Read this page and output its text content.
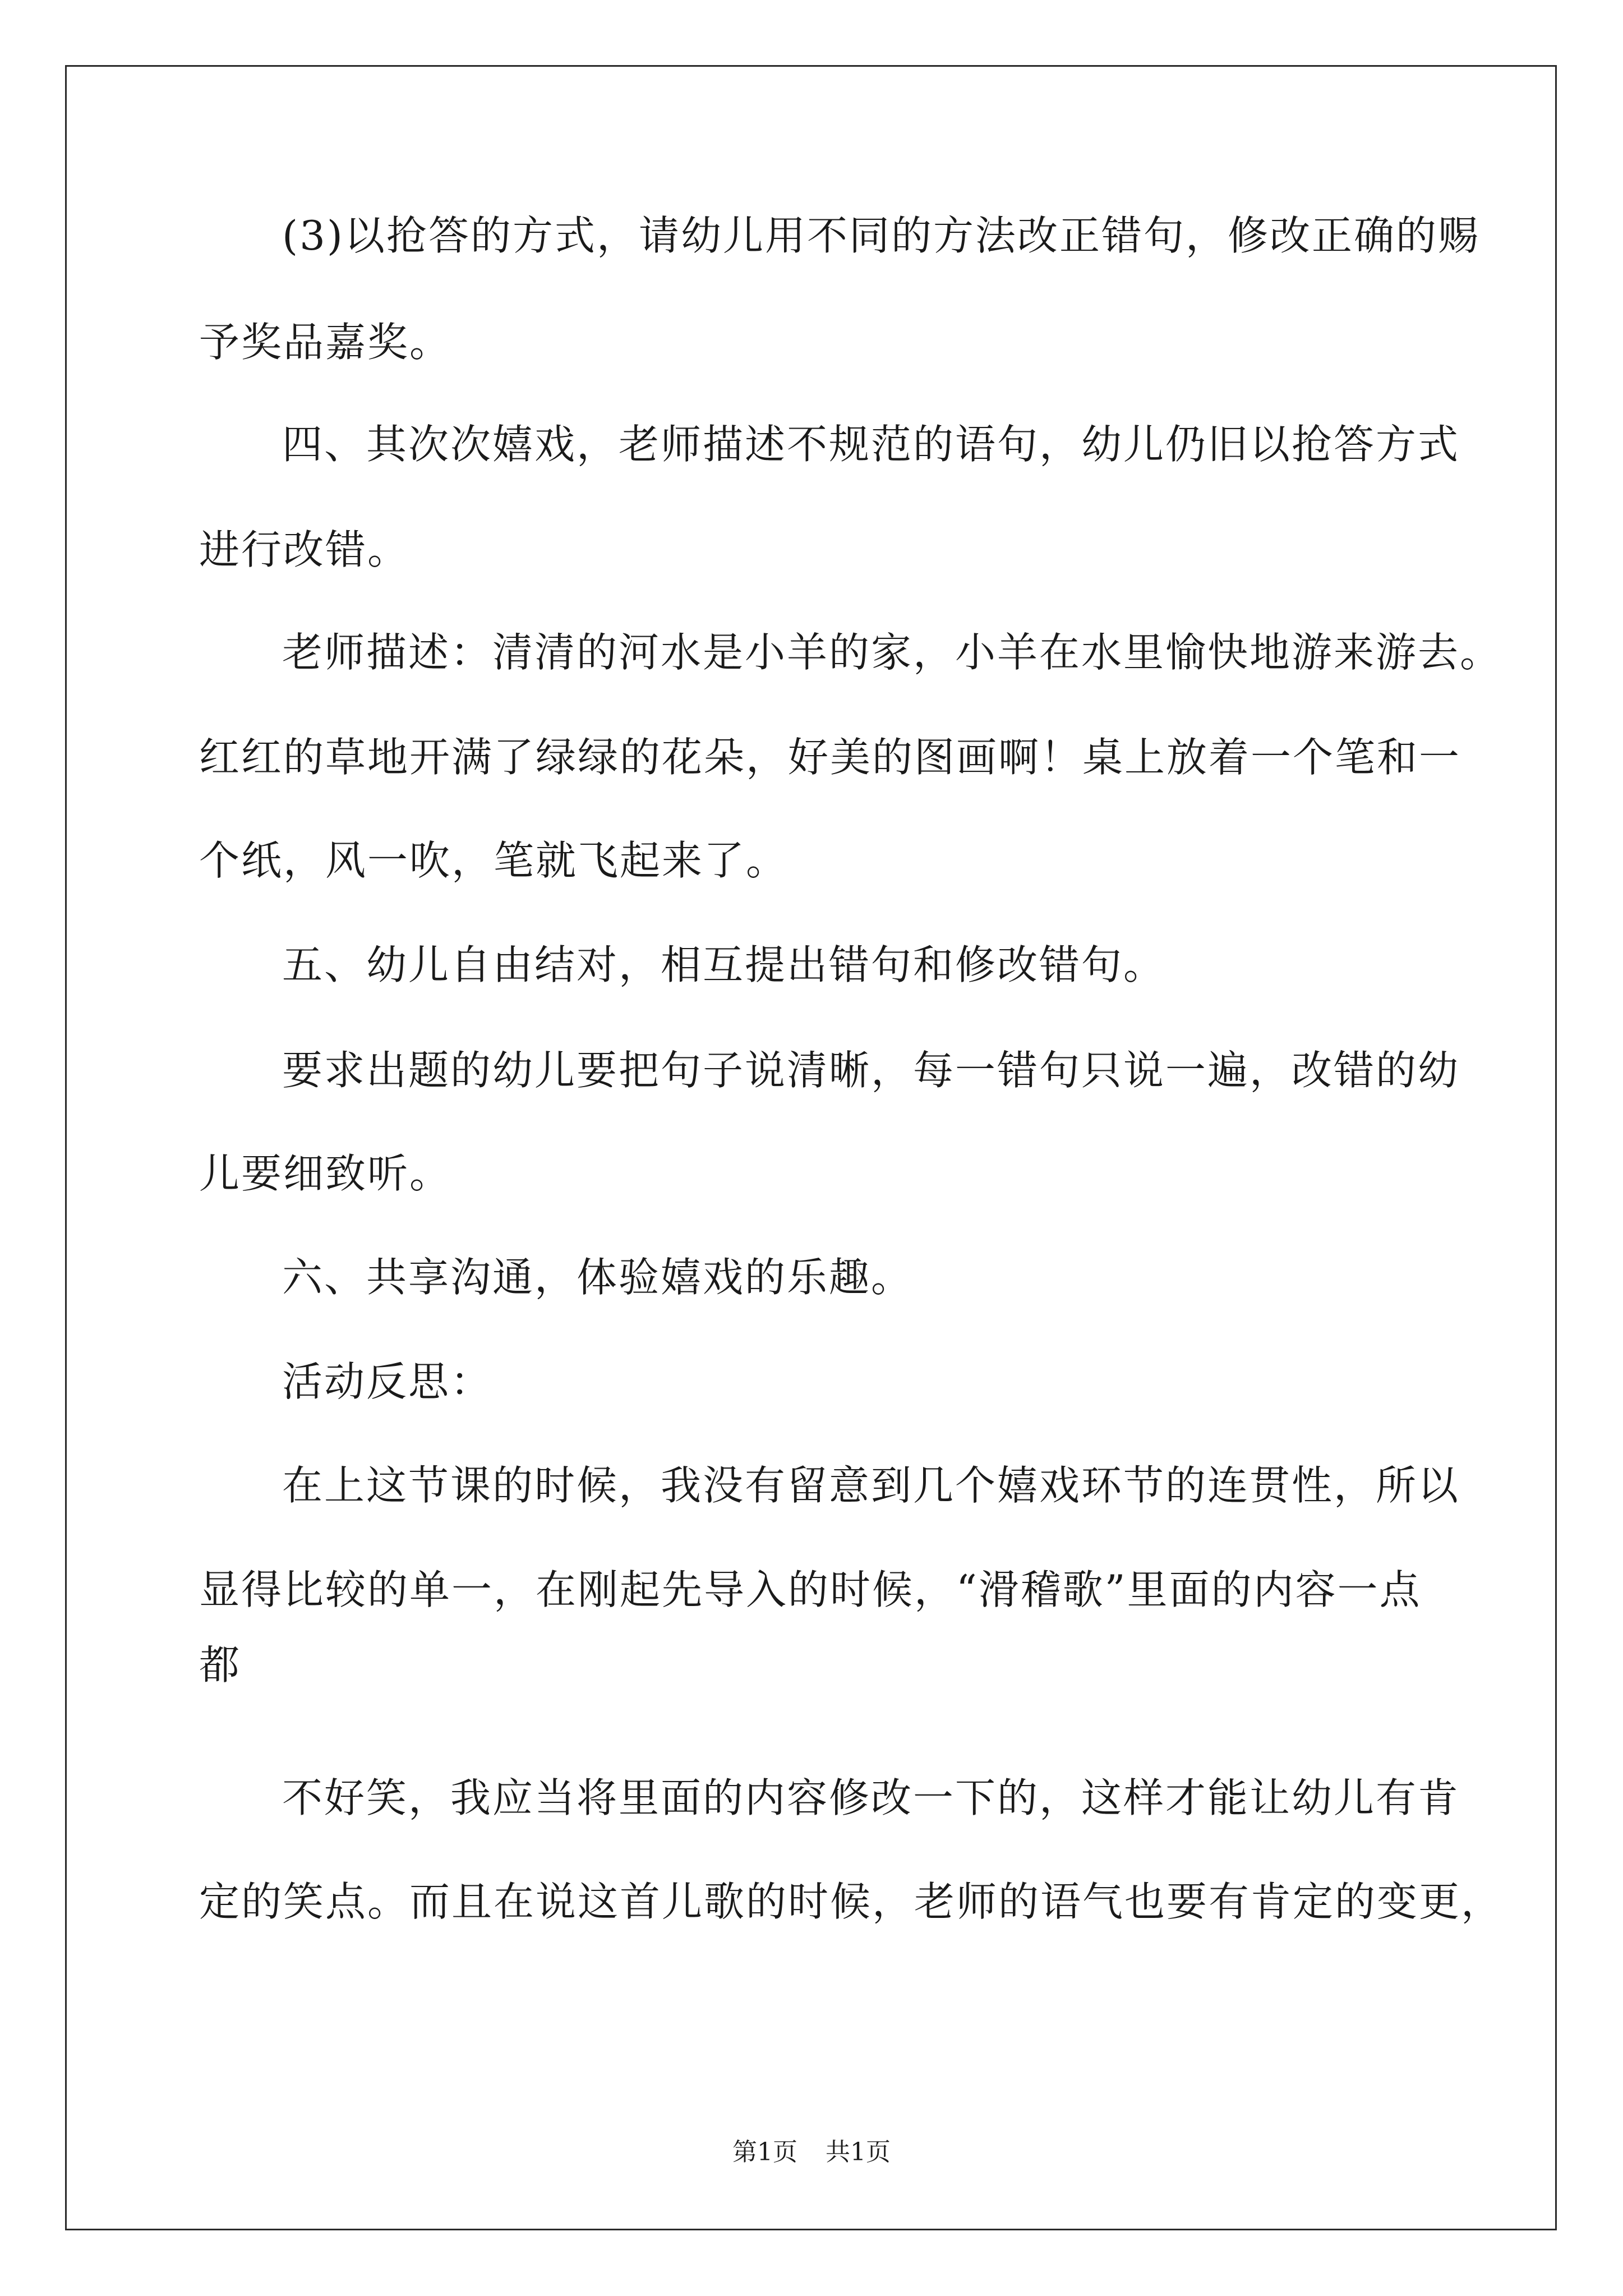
(3)以抢答的方式，请幼儿用不同的方法改正错句，修改正确的赐
予奖品嘉奖。
四、其次次嬉戏，老师描述不规范的语句，幼儿仍旧以抢答方式
进行改错。
老师描述：清清的河水是小羊的家，小羊在水里愉快地游来游去。
红红的草地开满了绿绿的花朵，好美的图画啊！桌上放着一个笔和一
个纸，风一吹，笔就飞起来了。
五、幼儿自由结对，相互提出错句和修改错句。
要求出题的幼儿要把句子说清晰，每一错句只说一遍，改错的幼
儿要细致听。
六、共享沟通，体验嬉戏的乐趣。
活动反思：
在上这节课的时候，我没有留意到几个嬉戏环节的连贯性，所以
显得比较的单一，在刚起先导入的时候，“滑稽歌”里面的内容一点
都
不好笑，我应当将里面的内容修改一下的，这样才能让幼儿有肯
定的笑点。而且在说这首儿歌的时候，老师的语气也要有肯定的变更，
第1页 共1页
